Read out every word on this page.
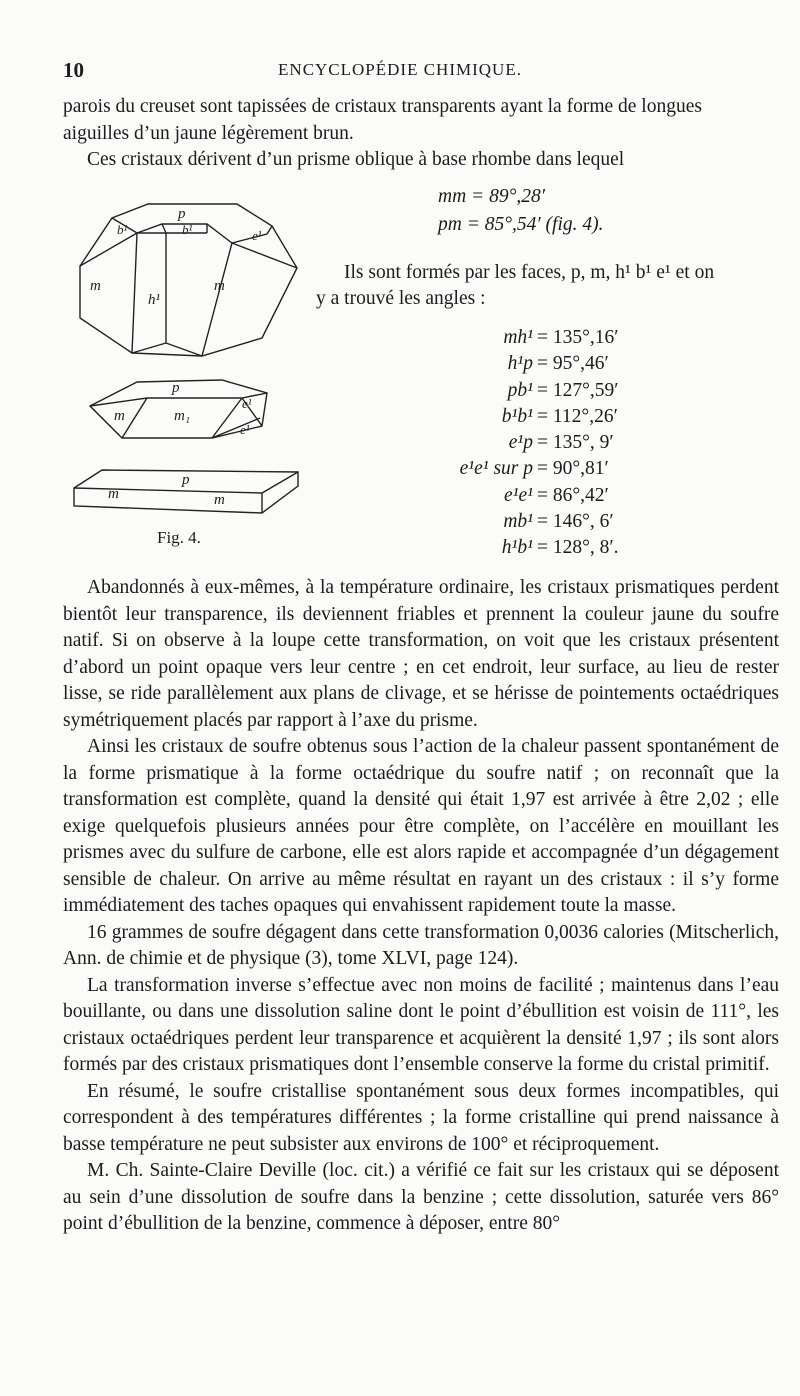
10	ENCYCLOPÉDIE CHIMIQUE.

parois du creuset sont tapissées de cristaux transparents ayant la forme de longues

aiguilles d’un jaune légèrement brun.

Ces cristaux dérivent d’un prisme oblique à base rhombe dans lequel

mm = 89°,28′
pm = 85°,54′ (fig. 4).
Ils sont formés par les faces, p, m, h¹ b¹ e¹ et on
y a trouvé les angles :
mh¹ = 135°,16′
h¹p = 95°,46′
pb¹ = 127°,59′
b¹b¹ = 112°,26′
e¹p = 135°, 9′
e¹e¹ sur p = 90°,81′
e¹e¹ = 86°,42′
mb¹ = 146°, 6′
h¹b¹ = 128°, 8′.
p
b¹	b¹	e¹
m
h¹
m
p
m	m₁
e¹
e¹
p
m	m
Fig. 4.

Abandonnés à eux-mêmes, à la température ordinaire, les cristaux prismatiques perdent bientôt leur transparence, ils deviennent friables et prennent la couleur jaune du soufre natif. Si on observe à la loupe cette transformation, on voit que les cristaux présentent d’abord un point opaque vers leur centre ; en cet endroit, leur surface, au lieu de rester lisse, se ride parallèlement aux plans de clivage, et se hérisse de pointements octaédriques symétriquement placés par rapport à l’axe du prisme.

Ainsi les cristaux de soufre obtenus sous l’action de la chaleur passent spontanément de la forme prismatique à la forme octaédrique du soufre natif ; on reconnaît que la transformation est complète, quand la densité qui était 1,97 est arrivée à être 2,02 ; elle exige quelquefois plusieurs années pour être complète, on l’accélère en mouillant les prismes avec du sulfure de carbone, elle est alors rapide et accompagnée d’un dégagement sensible de chaleur. On arrive au même résultat en rayant un des cristaux : il s’y forme immédiatement des taches opaques qui envahissent rapidement toute la masse.

16 grammes de soufre dégagent dans cette transformation 0,0036 calories (Mitscherlich, Ann. de chimie et de physique (3), tome XLVI, page 124).

La transformation inverse s’effectue avec non moins de facilité ; maintenus dans l’eau bouillante, ou dans une dissolution saline dont le point d’ébullition est voisin de 111°, les cristaux octaédriques perdent leur transparence et acquièrent la densité 1,97 ; ils sont alors formés par des cristaux prismatiques dont l’ensemble conserve la forme du cristal primitif.

En résumé, le soufre cristallise spontanément sous deux formes incompatibles, qui correspondent à des températures différentes ; la forme cristalline qui prend naissance à basse température ne peut subsister aux environs de 100° et réciproquement.

M. Ch. Sainte-Claire Deville (loc. cit.) a vérifié ce fait sur les cristaux qui se déposent au sein d’une dissolution de soufre dans la benzine ; cette dissolution, saturée vers 86° point d’ébullition de la benzine, commence à déposer, entre 80°
